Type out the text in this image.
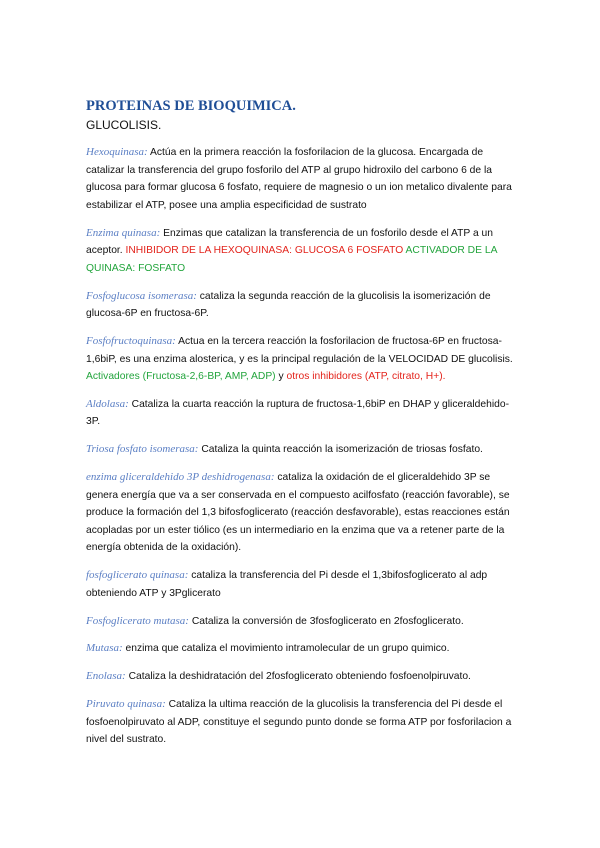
PROTEINAS DE BIOQUIMICA.
GLUCOLISIS.

Hexoquinasa: Actúa en la primera reacción la fosforilacion de la glucosa. Encargada de catalizar la transferencia del grupo fosforilo del ATP al grupo hidroxilo del carbono 6 de la glucosa para formar glucosa 6 fosfato, requiere de magnesio o un ion metalico divalente para estabilizar el ATP, posee una amplia especificidad de sustrato

Enzima quinasa: Enzimas que catalizan la transferencia de un fosforilo desde el ATP a un aceptor. INHIBIDOR DE LA HEXOQUINASA: GLUCOSA 6 FOSFATO ACTIVADOR DE LA QUINASA: FOSFATO

Fosfoglucosa isomerasa: cataliza la segunda reacción de la glucolisis la isomerización de glucosa-6P en fructosa-6P.

Fosfofructoquinasa: Actua en la tercera reacción la fosforilacion de fructosa-6P en fructosa-1,6biP, es una enzima alosterica, y es la principal regulación de la VELOCIDAD DE glucolisis. Activadores (Fructosa-2,6-BP, AMP, ADP) y otros inhibidores (ATP, citrato, H+).

Aldolasa: Cataliza la cuarta reacción la ruptura de fructosa-1,6biP en DHAP y gliceraldehido-3P.

Triosa fosfato isomerasa: Cataliza la quinta reacción la isomerización de triosas fosfato.

enzima gliceraldehido 3P deshidrogenasa: cataliza la oxidación de el gliceraldehido 3P se genera energía que va a ser conservada en el compuesto acilfosfato (reacción favorable), se produce la formación del 1,3 bifosfoglicerato (reacción desfavorable), estas reacciones están acopladas por un ester tiólico (es un intermediario en la enzima que va a retener parte de la energía obtenida de la oxidación).

fosfoglicerato quinasa: cataliza la transferencia del Pi desde el 1,3bifosfoglicerato al adp obteniendo ATP y 3Pglicerato

Fosfoglicerato mutasa: Cataliza la conversión de 3fosfoglicerato en 2fosfoglicerato.

Mutasa: enzima que cataliza el movimiento intramolecular de un grupo quimico.

Enolasa: Cataliza la deshidratación del 2fosfoglicerato obteniendo fosfoenolpiruvato.

Piruvato quinasa: Cataliza la ultima reacción de la glucolisis la transferencia del Pi desde el fosfoenolpiruvato al ADP, constituye el segundo punto donde se forma ATP por fosforilacion a nivel del sustrato.
